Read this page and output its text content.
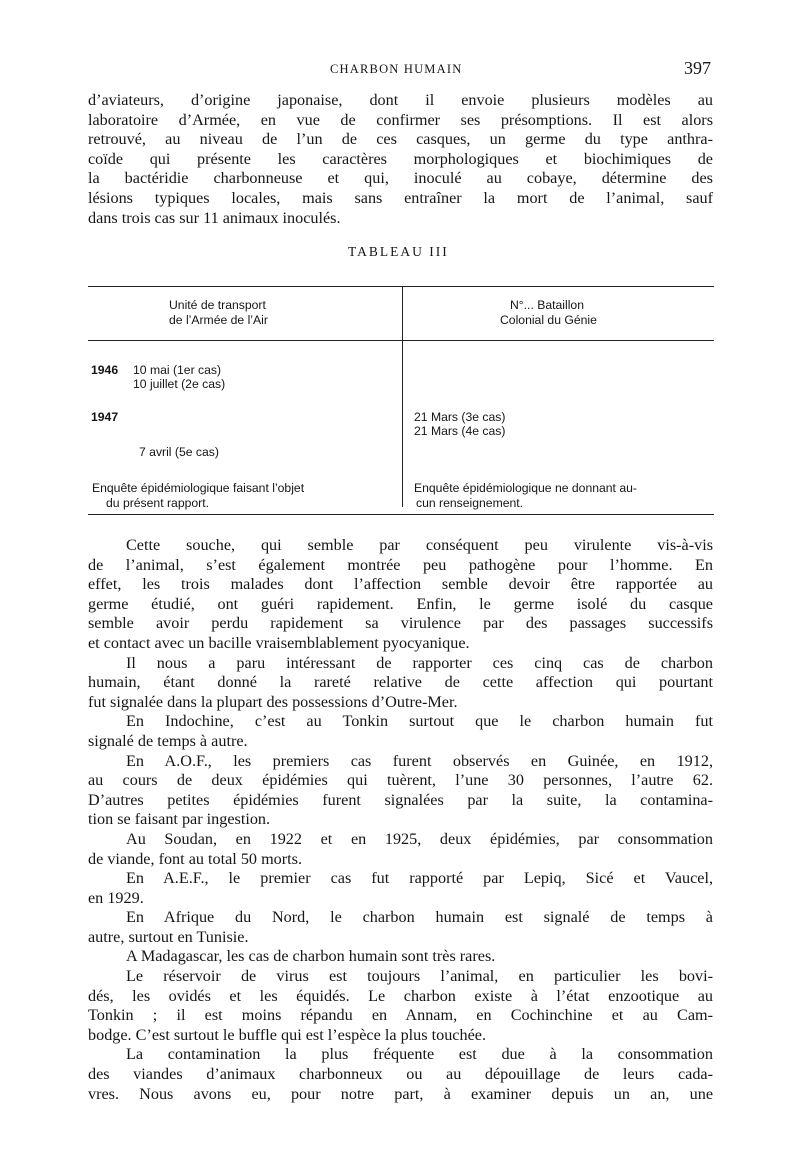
CHARBON HUMAIN	397
d’aviateurs, d’origine japonaise, dont il envoie plusieurs modèles au
laboratoire d’Armée, en vue de confirmer ses présomptions. Il est alors
retrouvé, au niveau de l’un de ces casques, un germe du type anthra-
coïde qui présente les caractères morphologiques et biochimiques de
la bactéridie charbonneuse et qui, inoculé au cobaye, détermine des
lésions typiques locales, mais sans entraîner la mort de l’animal, sauf
dans trois cas sur 11 animaux inoculés.
TABLEAU III
Unité de transport
de l’Armée de l’Air
N°... Bataillon
Colonial du Génie
1946 10 mai (1er cas)
10 juillet (2e cas)
1947	21 Mars (3e cas)
21 Mars (4e cas)
7 avril (5e cas)
Enquête épidémiologique faisant l’objet
du présent rapport.
Enquête épidémiologique ne donnant au-
cun renseignement.
Cette souche, qui semble par conséquent peu virulente vis-à-vis
de l’animal, s’est également montrée peu pathogène pour l’homme. En
effet, les trois malades dont l’affection semble devoir être rapportée au
germe étudié, ont guéri rapidement. Enfin, le germe isolé du casque
semble avoir perdu rapidement sa virulence par des passages successifs
et contact avec un bacille vraisemblablement pyocyanique.
Il nous a paru intéressant de rapporter ces cinq cas de charbon
humain, étant donné la rareté relative de cette affection qui pourtant
fut signalée dans la plupart des possessions d’Outre-Mer.
En Indochine, c’est au Tonkin surtout que le charbon humain fut
signalé de temps à autre.
En A.O.F., les premiers cas furent observés en Guinée, en 1912,
au cours de deux épidémies qui tuèrent, l’une 30 personnes, l’autre 62.
D’autres petites épidémies furent signalées par la suite, la contamina-
tion se faisant par ingestion.
Au Soudan, en 1922 et en 1925, deux épidémies, par consommation
de viande, font au total 50 morts.
En A.E.F., le premier cas fut rapporté par Lepiq, Sicé et Vaucel,
en 1929.
En Afrique du Nord, le charbon humain est signalé de temps à
autre, surtout en Tunisie.
A Madagascar, les cas de charbon humain sont très rares.
Le réservoir de virus est toujours l’animal, en particulier les bovi-
dés, les ovidés et les équidés. Le charbon existe à l’état enzootique au
Tonkin ; il est moins répandu en Annam, en Cochinchine et au Cam-
bodge. C’est surtout le buffle qui est l’espèce la plus touchée.
La contamination la plus fréquente est due à la consommation
des viandes d’animaux charbonneux ou au dépouillage de leurs cada-
vres. Nous avons eu, pour notre part, à examiner depuis un an, une
